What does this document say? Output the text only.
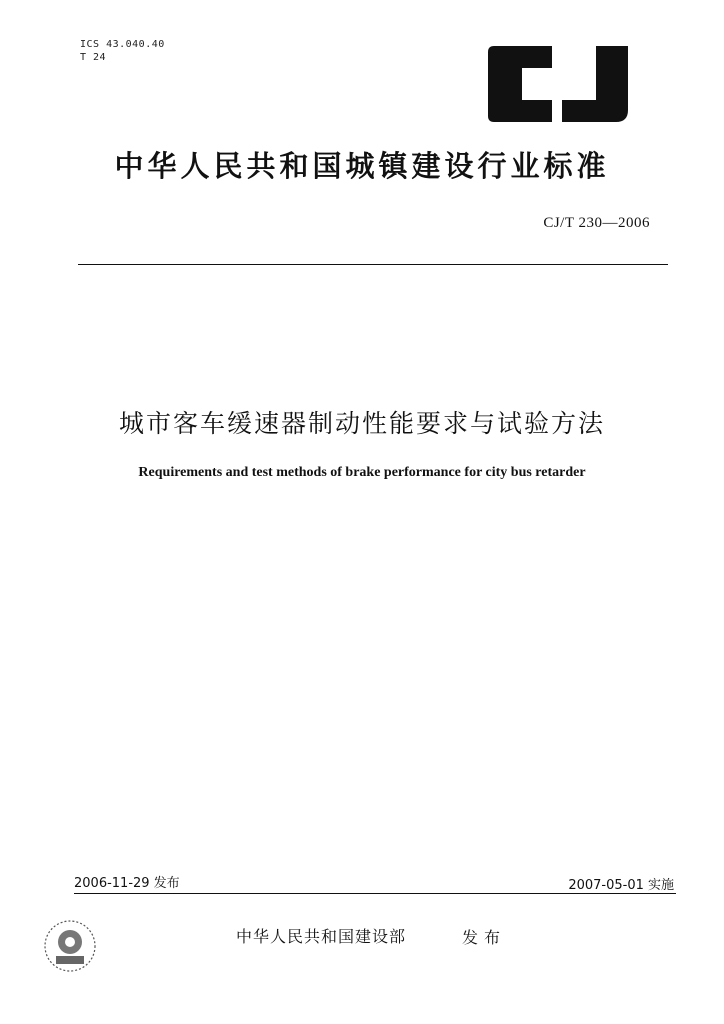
ICS 43.040.40
T 24
中华人民共和国城镇建设行业标准
CJ/T 230—2006
城市客车缓速器制动性能要求与试验方法
Requirements and test methods of brake performance for city bus retarder
2006-11-29 发布	2007-05-01 实施
中华人民共和国建设部	发布
